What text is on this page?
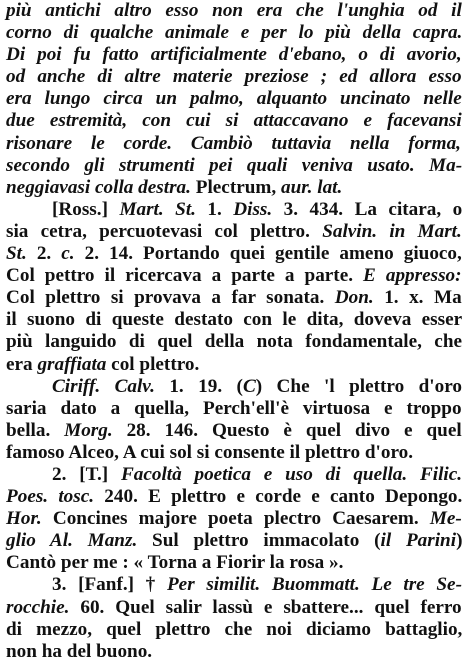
più antichi altro esso non era che l'unghia od il
corno di qualche animale e per lo più della capra.
Di poi fu fatto artificialmente d'ebano, o di avorio,
od anche di altre materie preziose ; ed allora esso
era lungo circa un palmo, alquanto uncinato nelle
due estremità, con cui si attaccavano e facevansi
risonare le corde. Cambiò tuttavia nella forma,
secondo gli strumenti pei quali veniva usato. Ma-
neggiavasi colla destra. Plectrum, aur. lat.
[Ross.] Mart. St. 1. Diss. 3. 434. La citara, o
sia cetra, percuotevasi col plettro. Salvin. in Mart.
St. 2. c. 2. 14. Portando quei gentile ameno giuoco,
Col pettro il ricercava a parte a parte. E appresso:
Col plettro si provava a far sonata. Don. 1. x. Ma
il suono di queste destato con le dita, doveva esser
più languido di quel della nota fondamentale, che
era graffiata col plettro.
Ciriff. Calv. 1. 19. (C) Che 'l plettro d'oro
saria dato a quella, Perch'ell'è virtuosa e troppo
bella. Morg. 28. 146. Questo è quel divo e quel
famoso Alceo, A cui sol si consente il plettro d'oro.
2. [T.] Facoltà poetica e uso di quella. Filic.
Poes. tosc. 240. E plettro e corde e canto Depongo.
Hor. Concines majore poeta plectro Caesarem. Me-
glio Al. Manz. Sul plettro immacolato (il Parini)
Cantò per me : « Torna a Fiorir la rosa ».
3. [Fanf.] † Per similit. Buommatt. Le tre Se-
rocchie. 60. Quel salir lassù e sbattere... quel ferro
di mezzo, quel plettro che noi diciamo battaglio,
non ha del buono.
